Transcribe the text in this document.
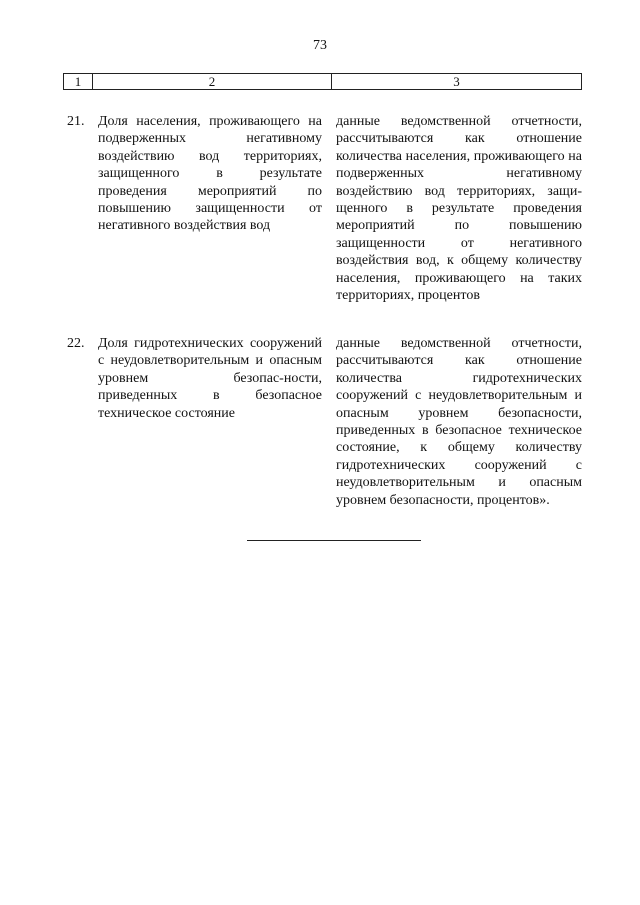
73
1	2	3
21. Доля населения, проживающего на подверженных негативному воздействию вод территориях, защищенного в результате проведения мероприятий по повышению защищенности от негативного воздействия вод
данные ведомственной отчетности, рассчитываются как отношение количества населения, проживающего на подверженных негативному воздействию вод территориях, защищенного в результате проведения мероприятий по повышению защищенности от негативного воздействия вод, к общему количеству населения, проживающего на таких территориях, процентов
22. Доля гидротехнических сооружений с неудовлетворительным и опасным уровнем безопас-ности, приведенных в безопасное техническое состояние
данные ведомственной отчетности, рассчитываются как отношение количества гидротехнических сооружений с неудовлетворительным и опасным уровнем безопасности, приведенных в безопасное техническое состояние, к общему количеству гидротехнических сооружений с неудовлетворительным и опасным уровнем безопасности, процентов».
